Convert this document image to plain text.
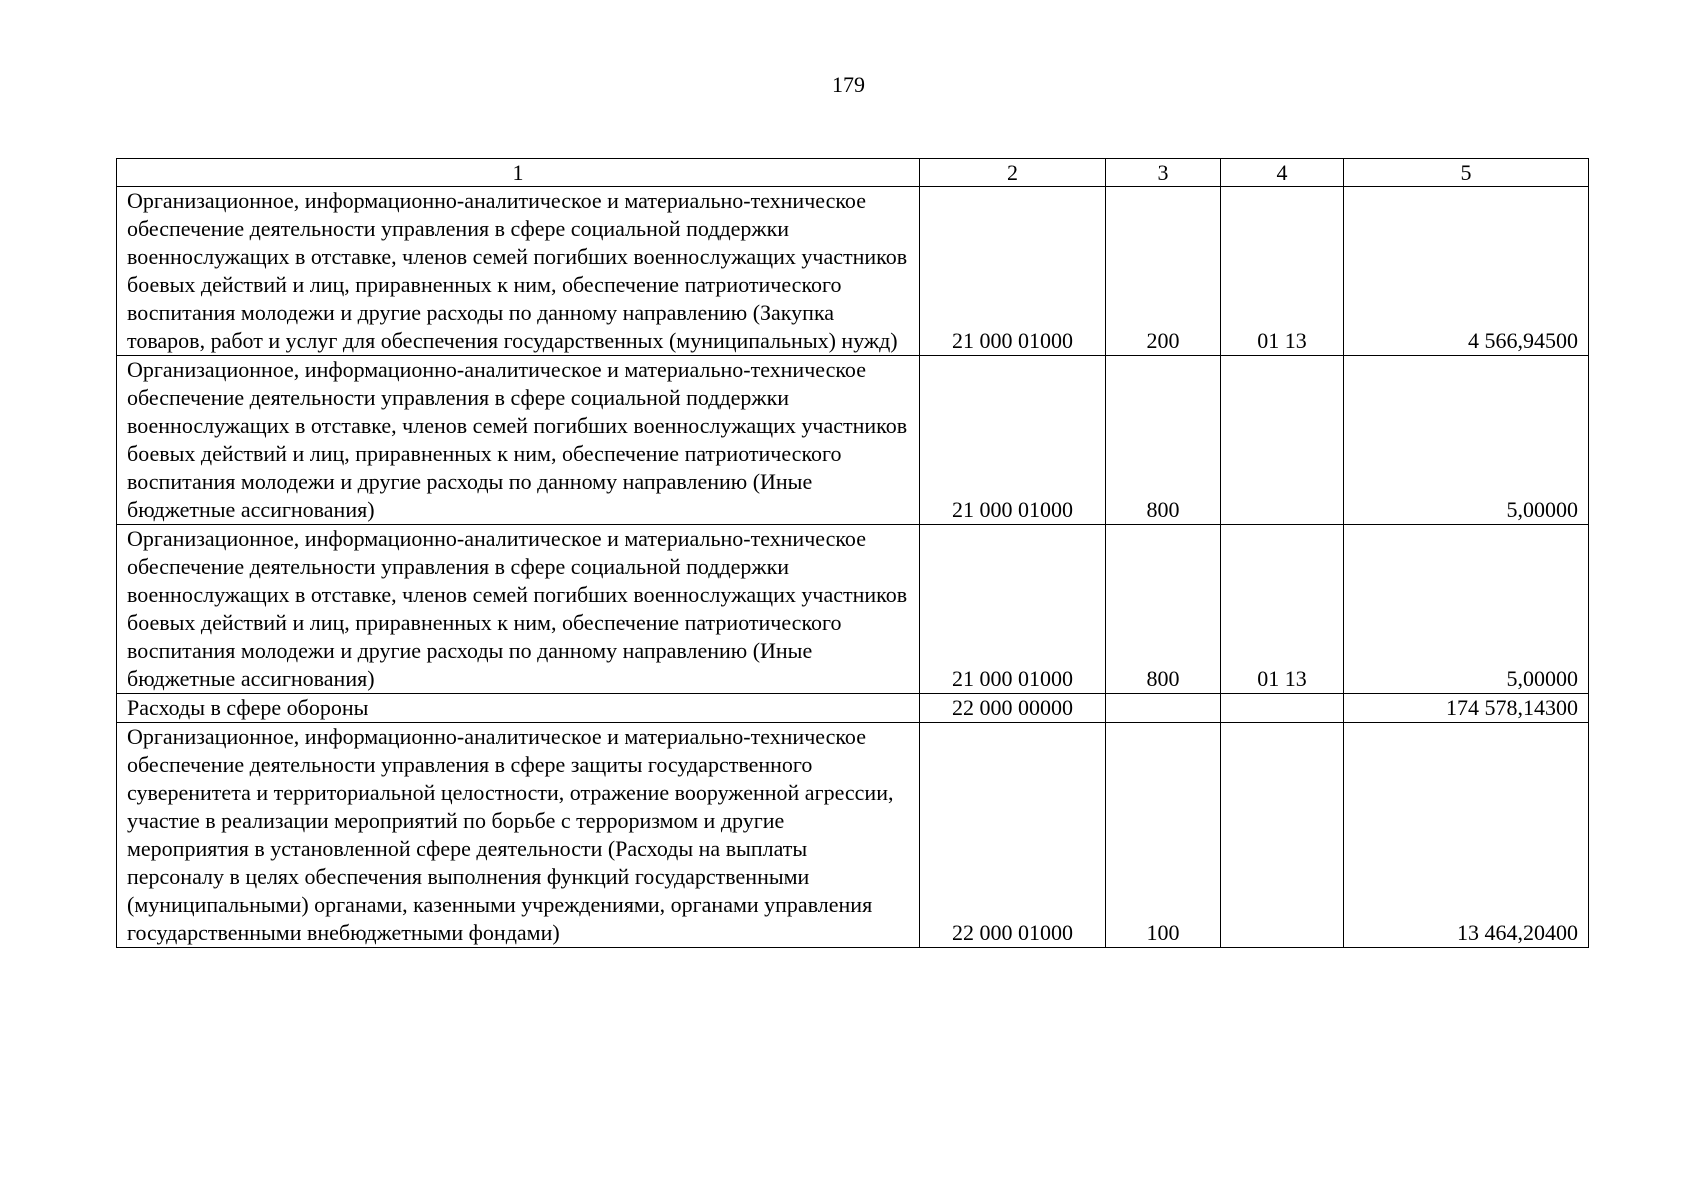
179
1	2	3	4	5
Организационное, информационно-аналитическое и материально-техническое обеспечение деятельности управления в сфере социальной поддержки военнослужащих в отставке, членов семей погибших военнослужащих участников боевых действий и лиц, приравненных к ним, обеспечение патриотического воспитания молодежи и другие расходы по данному направлению (Закупка товаров, работ и услуг для обеспечения государственных (муниципальных) нужд)	21 000 01000	200	01 13	4 566,94500
Организационное, информационно-аналитическое и материально-техническое обеспечение деятельности управления в сфере социальной поддержки военнослужащих в отставке, членов семей погибших военнослужащих участников боевых действий и лиц, приравненных к ним, обеспечение патриотического воспитания молодежи и другие расходы по данному направлению (Иные бюджетные ассигнования)	21 000 01000	800		5,00000
Организационное, информационно-аналитическое и материально-техническое обеспечение деятельности управления в сфере социальной поддержки военнослужащих в отставке, членов семей погибших военнослужащих участников боевых действий и лиц, приравненных к ним, обеспечение патриотического воспитания молодежи и другие расходы по данному направлению (Иные бюджетные ассигнования)	21 000 01000	800	01 13	5,00000
Расходы в сфере обороны	22 000 00000			174 578,14300
Организационное, информационно-аналитическое и материально-техническое обеспечение деятельности управления в сфере защиты государственного суверенитета и территориальной целостности, отражение вооруженной агрессии, участие в реализации мероприятий по борьбе с терроризмом и другие мероприятия в установленной сфере деятельности (Расходы на выплаты персоналу в целях обеспечения выполнения функций государственными (муниципальными) органами, казенными учреждениями, органами управления государственными внебюджетными фондами)	22 000 01000	100		13 464,20400
